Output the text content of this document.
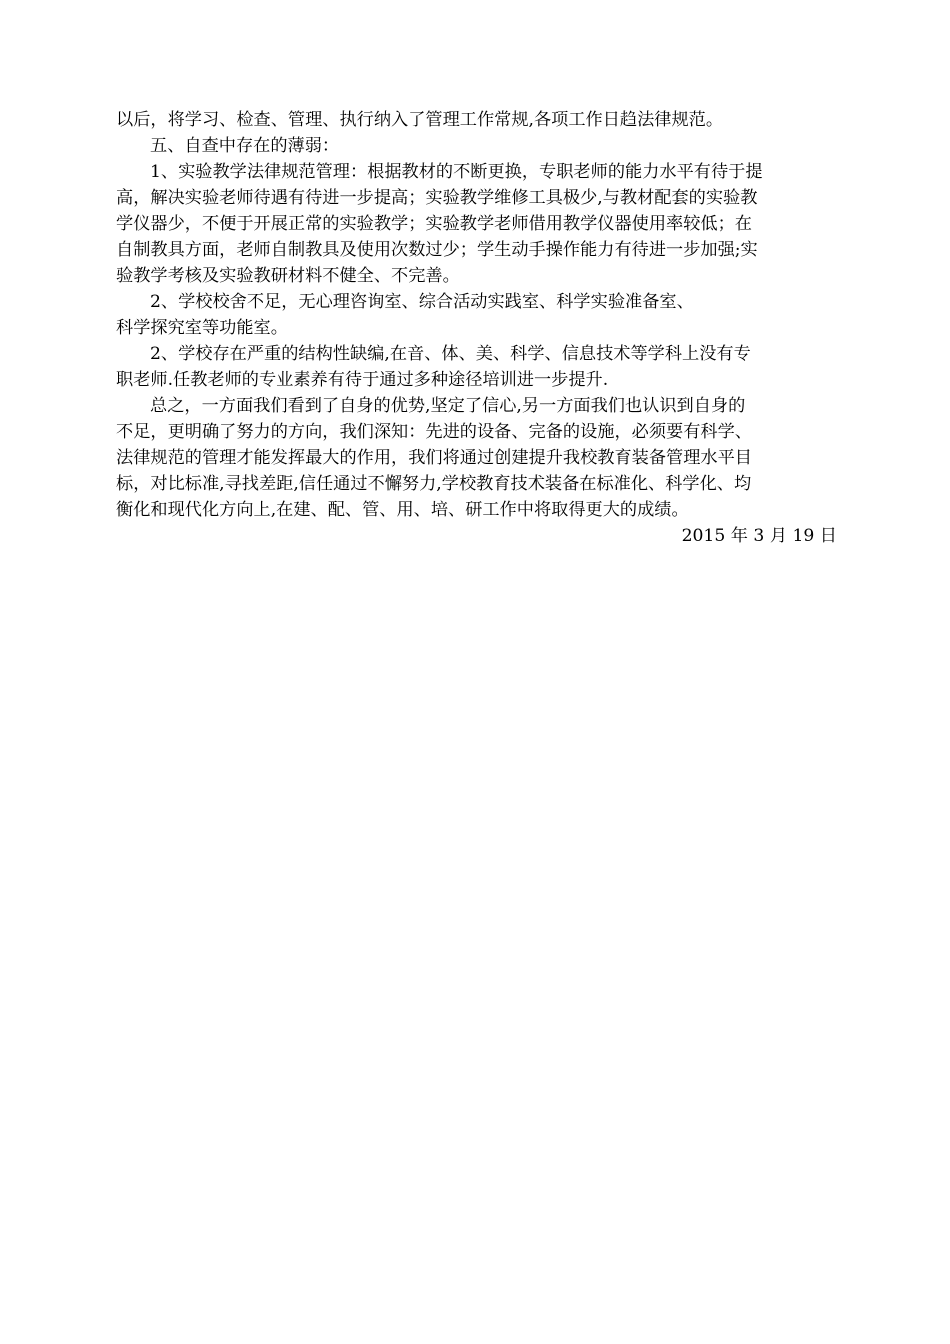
以后，将学习、检查、管理、执行纳入了管理工作常规,各项工作日趋法律规范。
五、自查中存在的薄弱：
1、实验教学法律规范管理：根据教材的不断更换，专职老师的能力水平有待于提
高，解决实验老师待遇有待进一步提高；实验教学维修工具极少,与教材配套的实验教
学仪器少，不便于开展正常的实验教学；实验教学老师借用教学仪器使用率较低；在
自制教具方面，老师自制教具及使用次数过少；学生动手操作能力有待进一步加强;实
验教学考核及实验教研材料不健全、不完善。
2、学校校舍不足，无心理咨询室、综合活动实践室、科学实验准备室、
科学探究室等功能室。
2、学校存在严重的结构性缺编,在音、体、美、科学、信息技术等学科上没有专
职老师.任教老师的专业素养有待于通过多种途径培训进一步提升.
总之，一方面我们看到了自身的优势,坚定了信心,另一方面我们也认识到自身的
不足，更明确了努力的方向，我们深知：先进的设备、完备的设施，必须要有科学、
法律规范的管理才能发挥最大的作用，我们将通过创建提升我校教育装备管理水平目
标，对比标准,寻找差距,信任通过不懈努力,学校教育技术装备在标准化、科学化、均
衡化和现代化方向上,在建、配、管、用、培、研工作中将取得更大的成绩。
2015 年 3 月 19 日
